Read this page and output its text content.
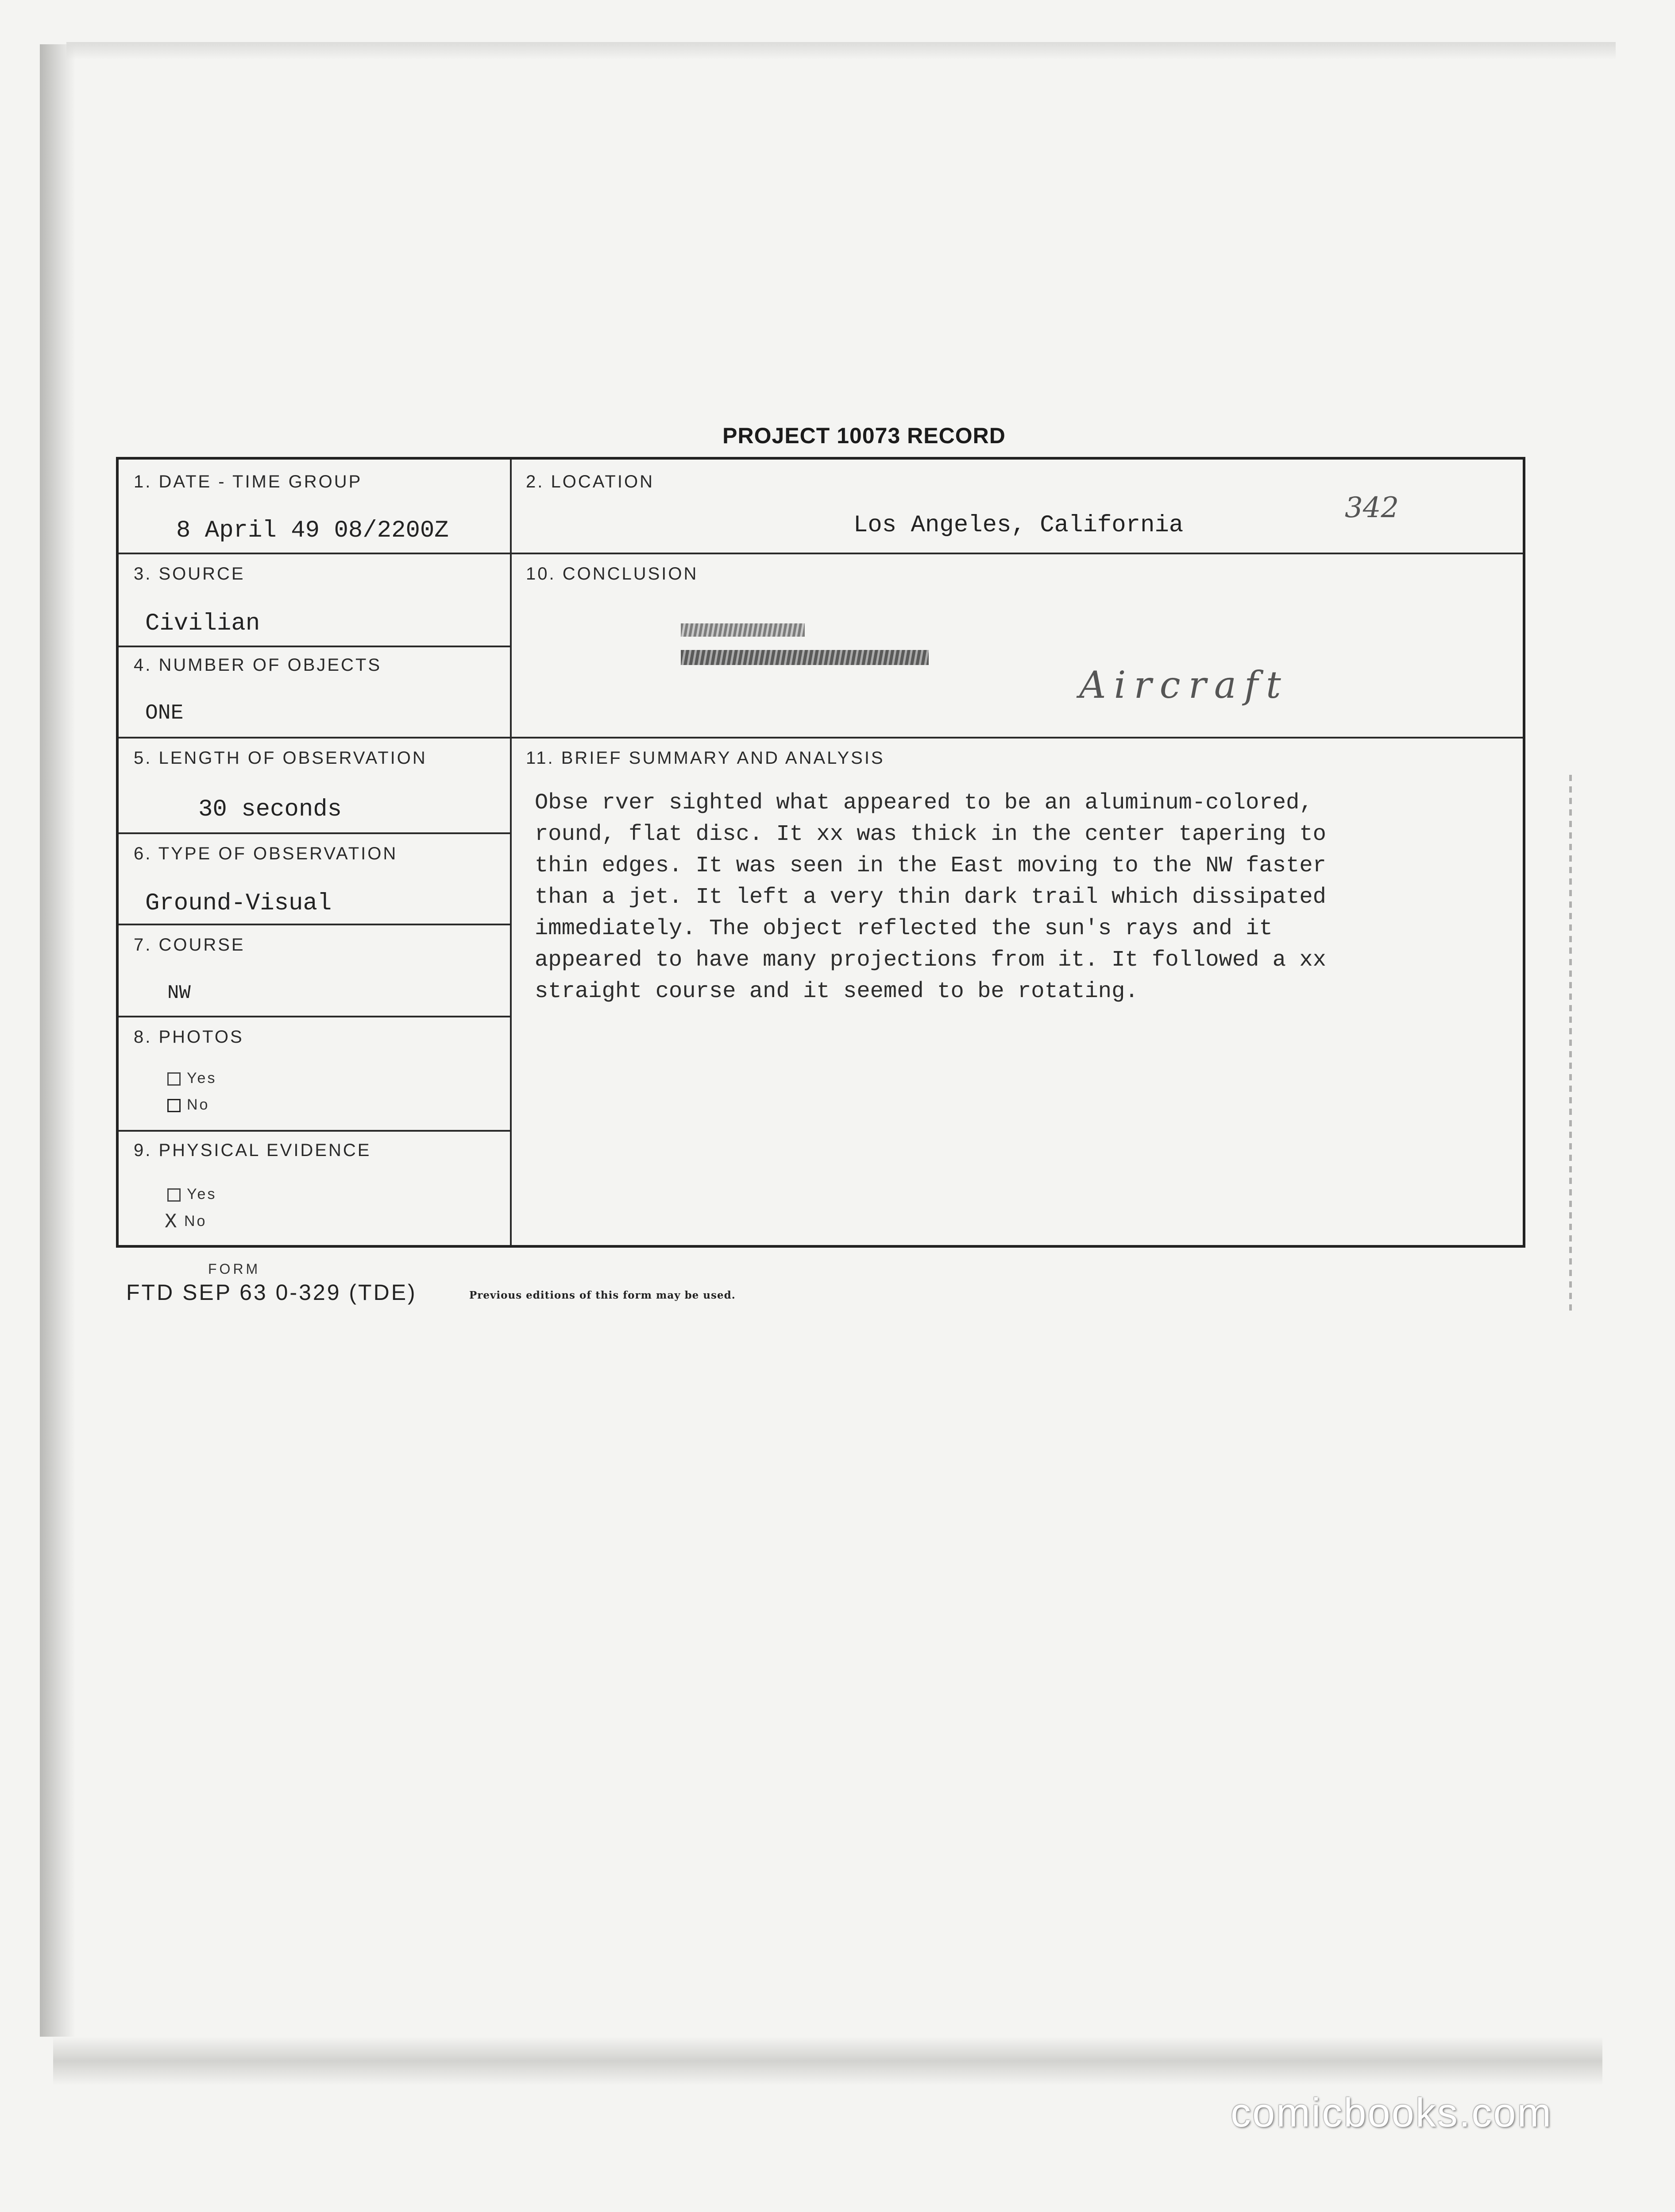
PROJECT 10073 RECORD
1. DATE - TIME GROUP
8 April 49 08/2200Z
2. LOCATION
Los Angeles, California
342
3. SOURCE
Civilian
4. NUMBER OF OBJECTS
ONE
10. CONCLUSION
Aircraft
5. LENGTH OF OBSERVATION
30 seconds
11. BRIEF SUMMARY AND ANALYSIS
Obse rver sighted what appeared to be an aluminum-colored,
round, flat disc. It xx was thick in the center tapering to
thin edges. It was seen in the East moving to the NW faster
than a jet. It left a very thin dark trail which dissipated
immediately. The object reflected the sun's rays and it
appeared to have many projections from it. It followed a xx
straight course and it seemed to be rotating.
6. TYPE OF OBSERVATION
Ground-Visual
7. COURSE
NW
8. PHOTOS
Yes
No
9. PHYSICAL EVIDENCE
Yes
X No
FORM
FTD SEP 63 0-329 (TDE)	Previous editions of this form may be used.
comicbooks.com
